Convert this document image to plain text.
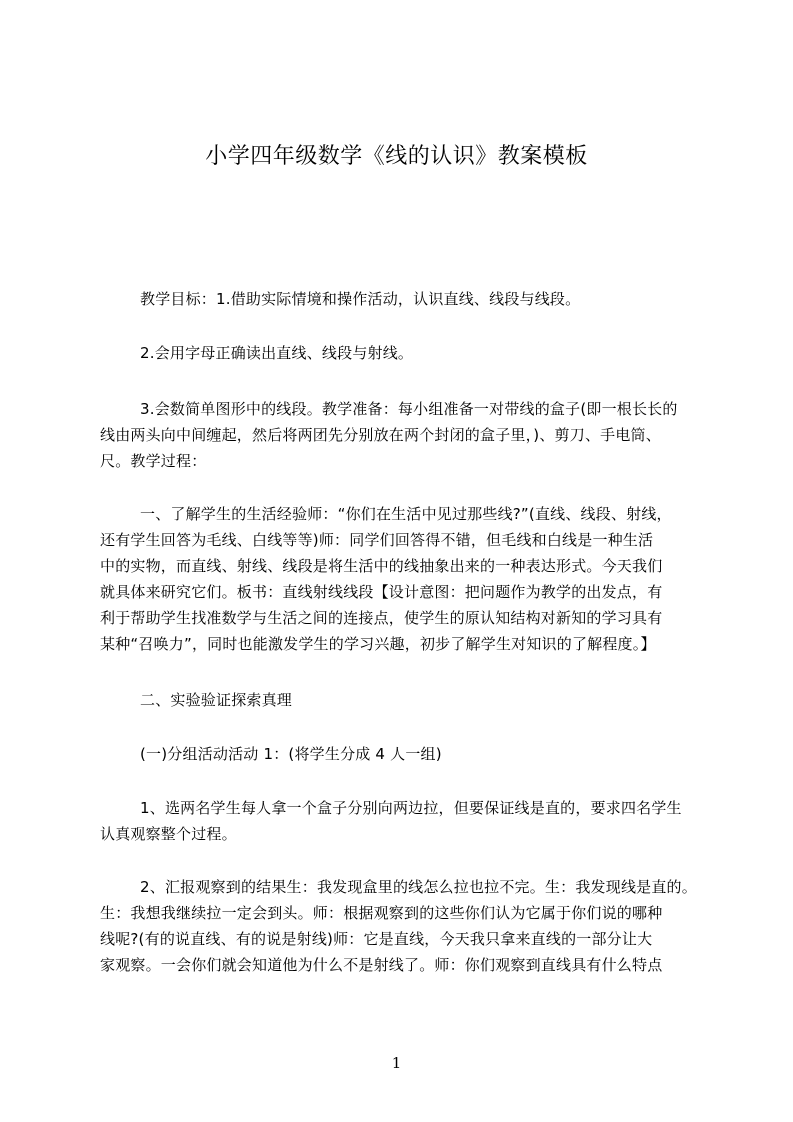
小学四年级数学《线的认识》教案模板
教学目标：1.借助实际情境和操作活动，认识直线、线段与线段。
2.会用字母正确读出直线、线段与射线。
3.会数简单图形中的线段。教学准备：每小组准备一对带线的盒子(即一根长长的
线由两头向中间缠起，然后将两团先分别放在两个封闭的盒子里，)、剪刀、手电筒、
尺。教学过程：
一、了解学生的生活经验师：“你们在生活中见过那些线?”(直线、线段、射线，
还有学生回答为毛线、白线等等)师：同学们回答得不错，但毛线和白线是一种生活
中的实物，而直线、射线、线段是将生活中的线抽象出来的一种表达形式。今天我们
就具体来研究它们。板书：直线射线线段【设计意图：把问题作为教学的出发点，有
利于帮助学生找准数学与生活之间的连接点，使学生的原认知结构对新知的学习具有
某种“召唤力”，同时也能激发学生的学习兴趣，初步了解学生对知识的了解程度。】
二、实验验证探索真理
(一)分组活动活动 1：(将学生分成 4 人一组)
1、选两名学生每人拿一个盒子分别向两边拉，但要保证线是直的，要求四名学生
认真观察整个过程。
2、汇报观察到的结果生：我发现盒里的线怎么拉也拉不完。生：我发现线是直的。
生：我想我继续拉一定会到头。师：根据观察到的这些你们认为它属于你们说的哪种
线呢?(有的说直线、有的说是射线)师：它是直线，今天我只拿来直线的一部分让大
家观察。一会你们就会知道他为什么不是射线了。师：你们观察到直线具有什么特点
1
